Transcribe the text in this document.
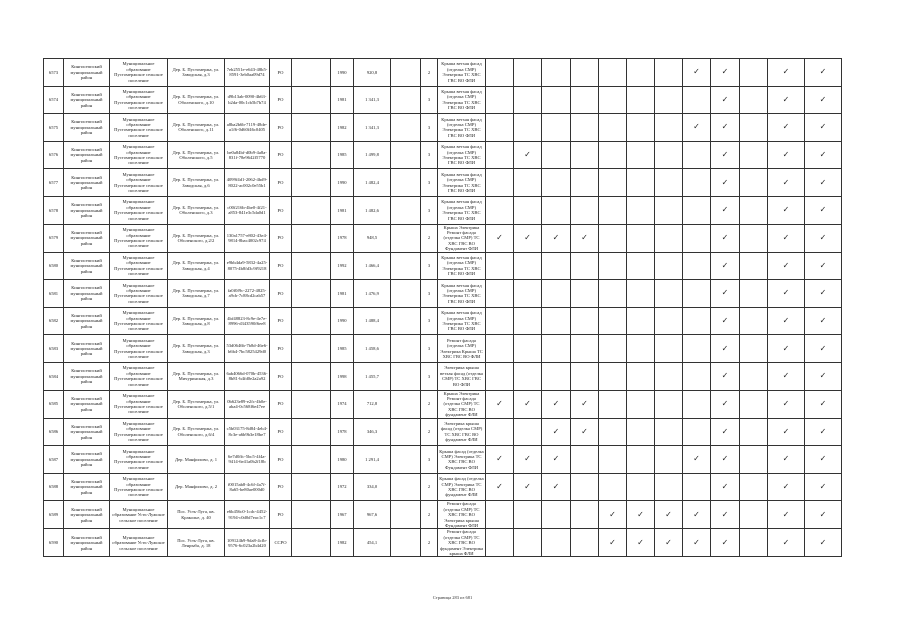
6573	Кингисеппский муниципальный район	Муниципальное образование Пустомержское сельское поселение	Дер. Б. Пустомержа, ул. Заводская, д.3	7eb2551e-e643-48b5-8591-3eb0aa09d74	РО		1990	920,8		2	Крыша ветхая фасад (отделка СМР) Электрика ТС ХВС ГВС ВО ФЛИ								✓	✓		✓	✓
6574	Кингисеппский муниципальный район	Муниципальное образование Пустомержское сельское поселение	Дер. Б. Пустомержа, ул. Оболенского, д.10	d9b13ab-0090-4b63-b2da-00c1cb5b7b74	РО		1981	1 341,3		3	Крыша ветхая фасад (отделка СМР) Электрика ТС ХВС ГВС ВО ФЛИ									✓		✓	✓
6575	Кингисеппский муниципальный район	Муниципальное образование Пустомержское сельское поселение	Дер. Б. Пустомержа, ул. Оболенского, д.11	a8ba2b6b-7119-48de-a1f6-0d60f46c0405	РО		1982	1 341,3		3	Крыша ветхая фасад (отделка СМР) Электрика ТС ХВС ГВС ВО ФЛИ								✓	✓		✓	✓
6576	Кингисеппский муниципальный район	Муниципальное образование Пустомержское сельское поселение	Дер. Б. Пустомержа, ул. Оболенского, д.5	be0a84bf-d0b9-4a8a-831f-78e9642f5770	РО		1985	1 499,8		3	Крыша ветхая фасад (отделка СМР) Электрика ТС ХВС ГВС ВО ФЛИ		✓							✓		✓	✓
6577	Кингисеппский муниципальный район	Муниципальное образование Пустомержское сельское поселение	Дер. Б. Пустомержа, ул. Заводская, д.6	4099f4d1-2062-4bd9-8022-ac002c0e55b1	РО		1990	1 482,4		3	Крыша ветхая фасад (отделка СМР) Электрика ТС ХВС ГВС ВО ФЛИ									✓		✓	✓
6578	Кингисеппский муниципальный район	Муниципальное образование Пустомержское сельское поселение	Дер. Б. Пустомержа, ул. Оболенского, д.3	c00f216b-4be0-4f21-a853-841e3c5da0d1	РО		1981	1 482,6		3	Крыша ветхая фасад (отделка СМР) Электрика ТС ХВС ГВС ВО ФЛИ									✓		✓	✓
6579	Кингисеппский муниципальный район	Муниципальное образование Пустомержское сельское поселение	Дер. Б. Пустомержа, ул. Оболенского, д.2/2	130a1757-e802-43e4-9814-8bac4002c974	РО		1978	948,5		2	Крыша Электрика Ремонт фасада (отделка СМР) ТС ХВС ГВС ВО Фундамент ФЛИ	✓	✓	✓	✓					✓		✓	✓
6580	Кингисеппский муниципальный район	Муниципальное образование Пустомержское сельское поселение	Дер. Б. Пустомержа, ул. Заводская, д.4	e9bb4da9-5832-4a25-8075-4b8fd3c9f9218	РО		1992	1 466,4		3	Крыша ветхая фасад (отделка СМР) Электрика ТС ХВС ГВС ВО ФЛИ									✓		✓	✓
6581	Кингисеппский муниципальный район	Муниципальное образование Пустомержское сельское поселение	Дер. Б. Пустомержа, ул. Заводская, д.7	fa0f0f9c-2272-4825-a9cb-7c88cd2cab57	РО		1981	1 476,9		3	Крыша ветхая фасад (отделка СМР) Электрика ТС ХВС ГВС ВО ФЛИ									✓		✓	✓
6582	Кингисеппский муниципальный район	Муниципальное образование Пустомержское сельское поселение	Дер. Б. Пустомержа, ул. Заводская, д.8	4bf48823-8c9e-4e7e-8996-d343590f6ee8	РО		1990	1 488,4		3	Крыша ветхая фасад (отделка СМР) Электрика ТС ХВС ГВС ВО ФЛИ									✓		✓	✓
6583	Кингисеппский муниципальный район	Муниципальное образование Пустомержское сельское поселение	Дер. Б. Пустомержа, ул. Заводская, д.3	53d0646b-7b8d-46e6-b6b4-7bc5825429d0	РО		1985	1 458,6		3	Ремонт фасада (отделка СМР) Электрика Крыша ТС ХВС ГВС ВО ФЛИ									✓		✓	✓
6584	Кингисеппский муниципальный район	Муниципальное образование Пустомержское сельское поселение	Дер. Б. Пустомержа, ул. Мичуринская, д.3	6ab4066d-070b-4536-8b81-b4fd0e2a2a92	РО		1998	1 455,7		3	Электрика крыша ветхая фасад (отделка СМР) ТС ХВС ГВС ВО ФЛИ									✓		✓	✓
6585	Кингисеппский муниципальный район	Муниципальное образование Пустомержское сельское поселение	Дер. Б. Пустомержа, ул. Оболенского, д.5/1	0b623e89-e2fc-4b0e-aba4-0c568f6e47ee	РО		1974	712,8		2	Крыша Электрика Ремонт фасада (отделка СМР) ТС ХВС ГВС ВО фундамент ФЛИ	✓	✓	✓	✓					✓		✓	✓
6586	Кингисеппский муниципальный район	Муниципальное образование Пустомержское сельское поселение	Дер. Б. Пустомержа, ул. Оболенского, д.6/4	c5b03175-8d84-4eb4-8c3e-a6b9b3e18be7	РО		1978	346,3		2	Электрика крыша фасад (отделка СМР) ТС ХВС ГВС ВО фундамент ФЛИ			✓	✓					✓		✓	✓
6587	Кингисеппский муниципальный район	Муниципальное образование Пустомержское сельское поселение	Дер. Манфилово, д. 1	6e7d0ffc-5bc5-4f4a-9414-6e41a0b2f18b	РО		1980	1 291,4		3	Крыша фасад (отделка СМР) Электрика ТС ХВС ГВС ВО Фундамент ФЛИ	✓	✓	✓					✓	✓		✓	✓
6588	Кингисеппский муниципальный район	Муниципальное образование Пустомержское сельское поселение	Дер. Манфилово, д. 2	f0015ab8-4c6f-4a7f-8a65-be80ae000d0	РО		1972	334,0		2	Крыша фасад (отделка СМР) Электрика ТС ХВС ГВС ВО фундамент ФЛИ	✓	✓	✓						✓		✓	✓
6589	Кингисеппский муниципальный район	Муниципальное образование Усть-Лужское сельское поселение	Пос. Усть-Луга, кв. Краколье, д. 40	e6b456c0-1cdc-4452-9194-c0d0d7eac1c7	РО		1967	967,6		2	Ремонт фасада (отделка СМР) ТС ХВС ГВС ВО Электрика крыша Фундамент ФЛИ					✓	✓	✓	✓	✓		✓	✓
6590	Кингисеппский муниципальный район	Муниципальное образование Усть-Лужское сельское поселение	Пос. Усть-Луга, кв. Ленрыба, д. 18	109124b9-9da8-4cfb-9576-6c023a2b4d20	ССРО		1982	454,1		2	Ремонт фасада (отделка СМР) ТС ХВС ГВС ВО фундамент Электрика крыша ФЛИ					✓	✓	✓	✓	✓		✓	✓
Страница 283 из 681
